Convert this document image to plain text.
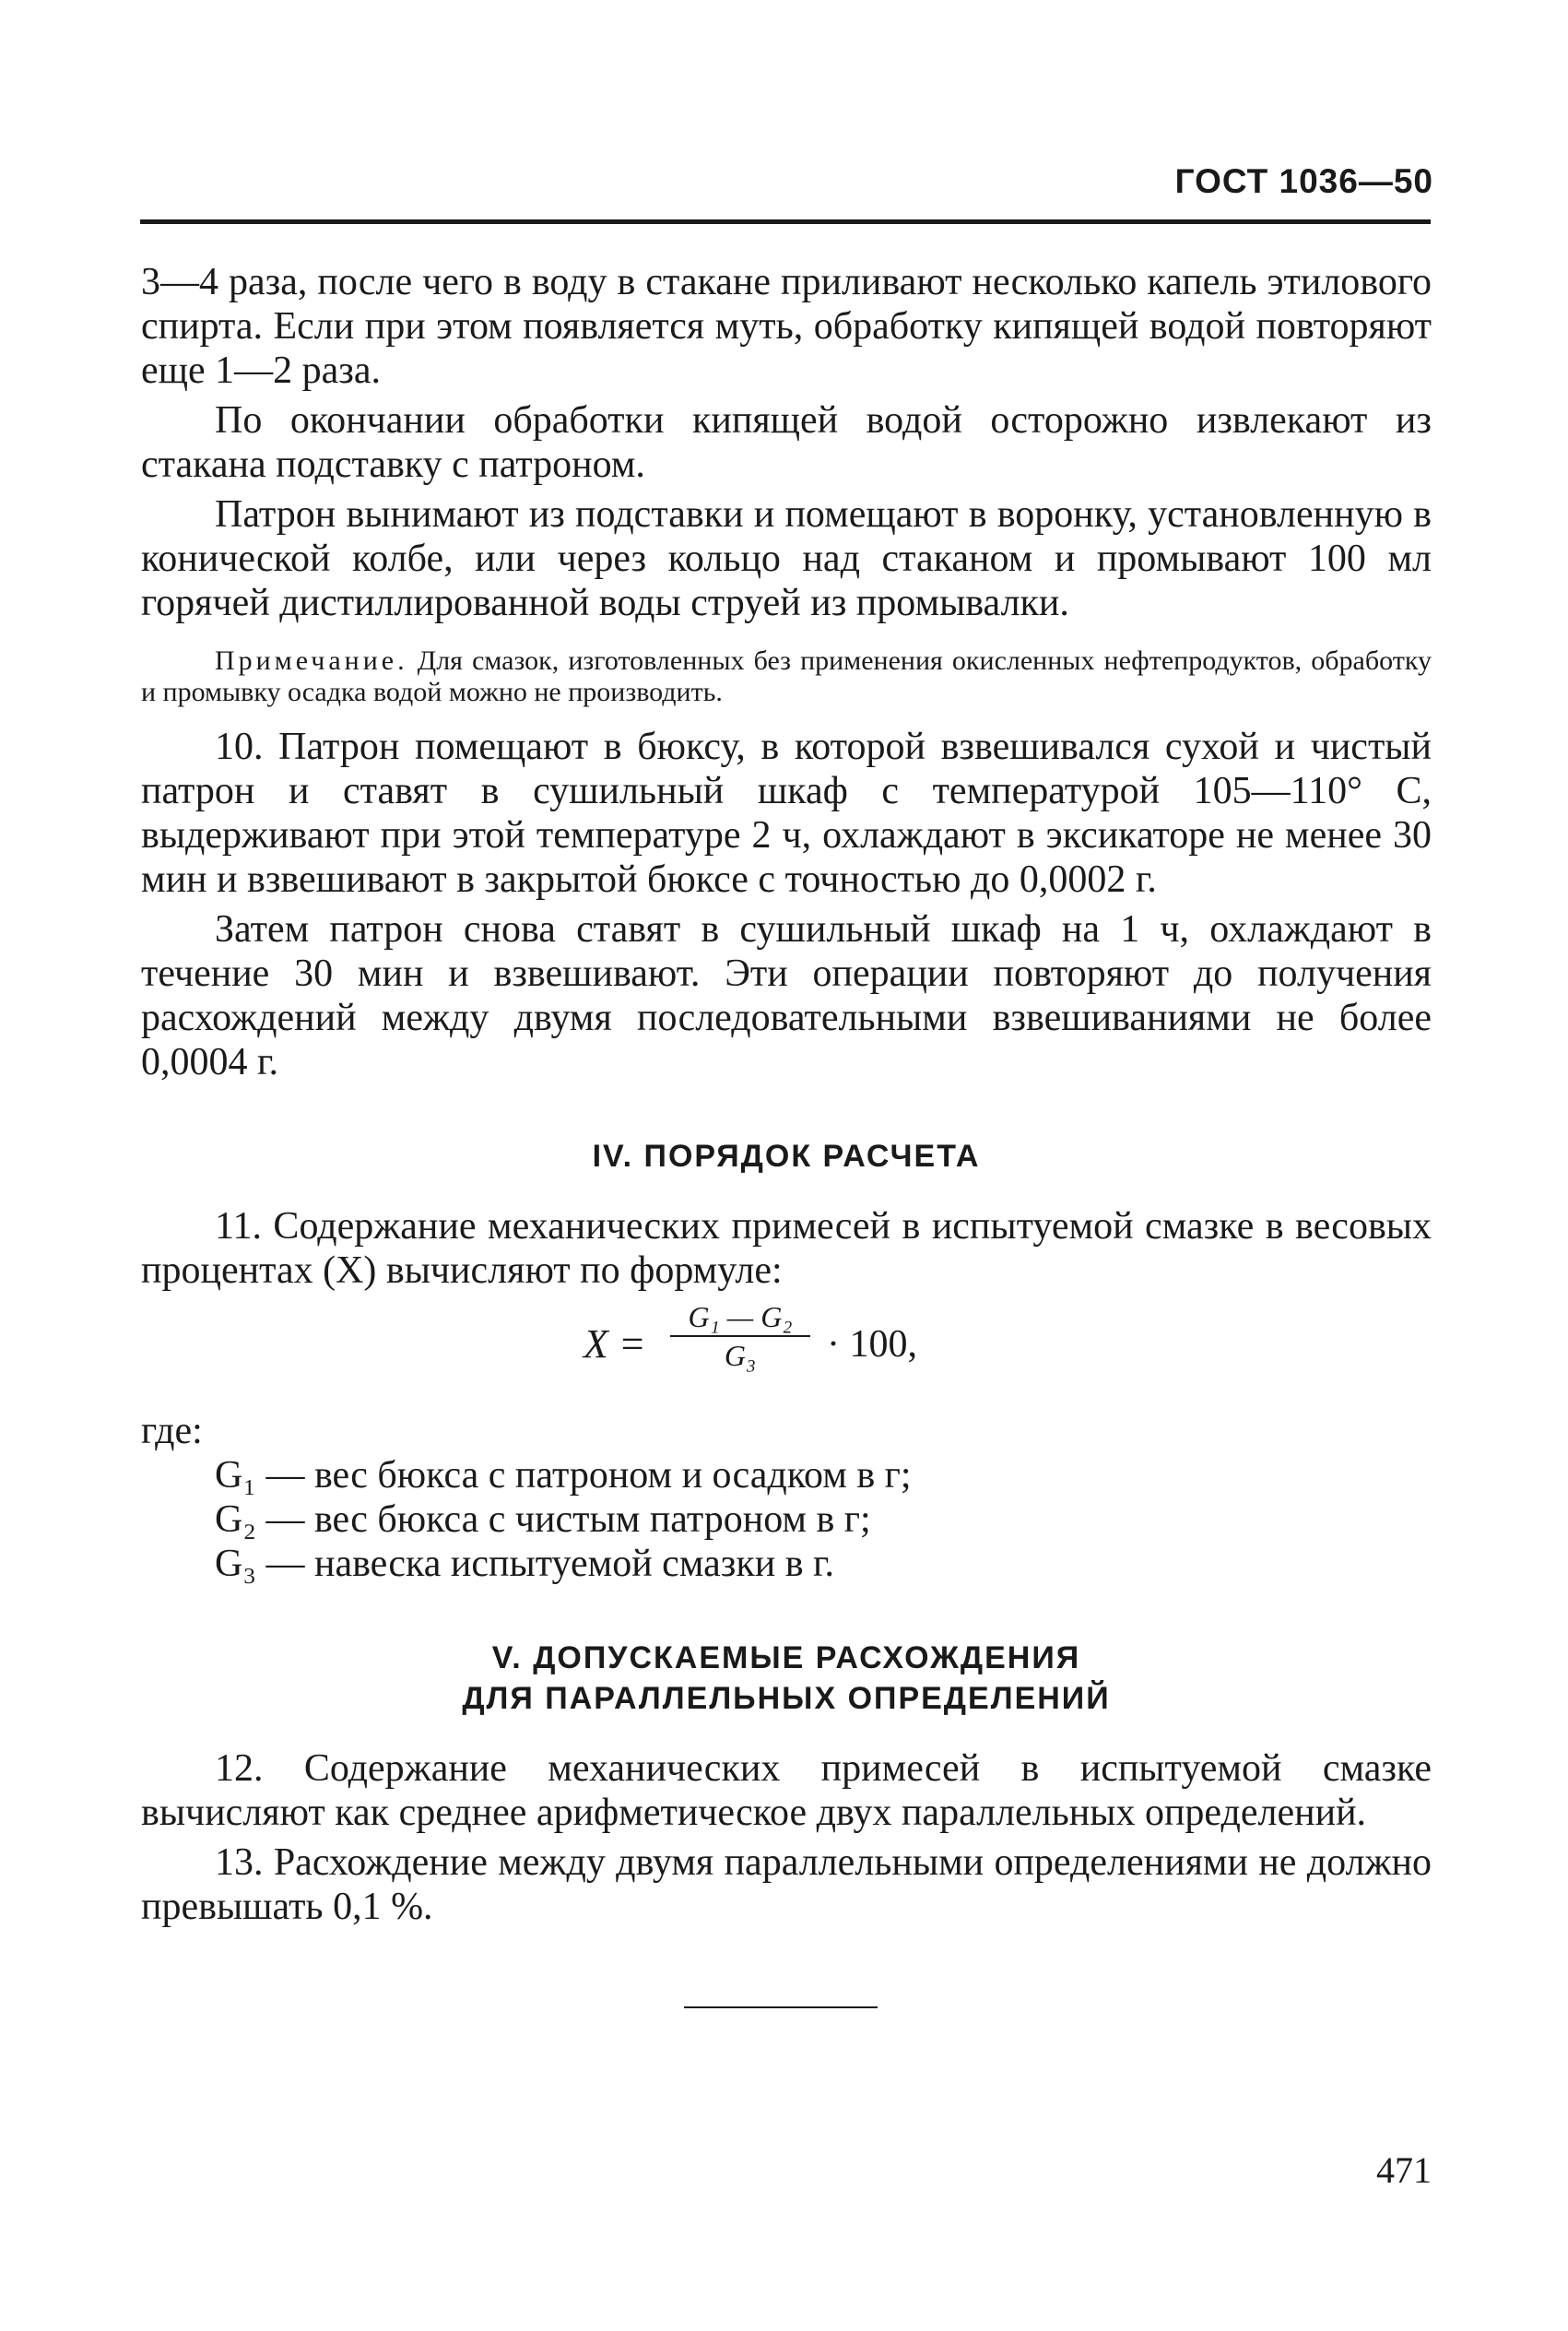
ГОСТ 1036—50

3—4 раза, после чего в воду в стакане приливают несколько капель этилового спирта. Если при этом появляется муть, обработку кипящей водой повторяют еще 1—2 раза.

По окончании обработки кипящей водой осторожно извлекают из стакана подставку с патроном.

Патрон вынимают из подставки и помещают в воронку, установленную в конической колбе, или через кольцо над стаканом и промывают 100 мл горячей дистиллированной воды струей из промывалки.

Примечание. Для смазок, изготовленных без применения окисленных нефтепродуктов, обработку и промывку осадка водой можно не производить.

10. Патрон помещают в бюксу, в которой взвешивался сухой и чистый патрон и ставят в сушильный шкаф с температурой 105—110° С, выдерживают при этой температуре 2 ч, охлаждают в эксикаторе не менее 30 мин и взвешивают в закрытой бюксе с точностью до 0,0002 г.

Затем патрон снова ставят в сушильный шкаф на 1 ч, охлаждают в течение 30 мин и взвешивают. Эти операции повторяют до получения расхождений между двумя последовательными взвешиваниями не более 0,0004 г.

IV. ПОРЯДОК РАСЧЕТА

11. Содержание механических примесей в испытуемой смазке в весовых процентах (X) вычисляют по формуле:

X =
G₁ — G₂
G₃	· 100,

где:

G₁ — вес бюкса с патроном и осадком в г;

G₂ — вес бюкса с чистым патроном в г;

G₃ — навеска испытуемой смазки в г.

V. ДОПУСКАЕМЫЕ РАСХОЖДЕНИЯ

ДЛЯ ПАРАЛЛЕЛЬНЫХ ОПРЕДЕЛЕНИЙ

12. Содержание механических примесей в испытуемой смазке вычисляют как среднее арифметическое двух параллельных определений.

13. Расхождение между двумя параллельными определениями не должно превышать 0,1 %.

471
